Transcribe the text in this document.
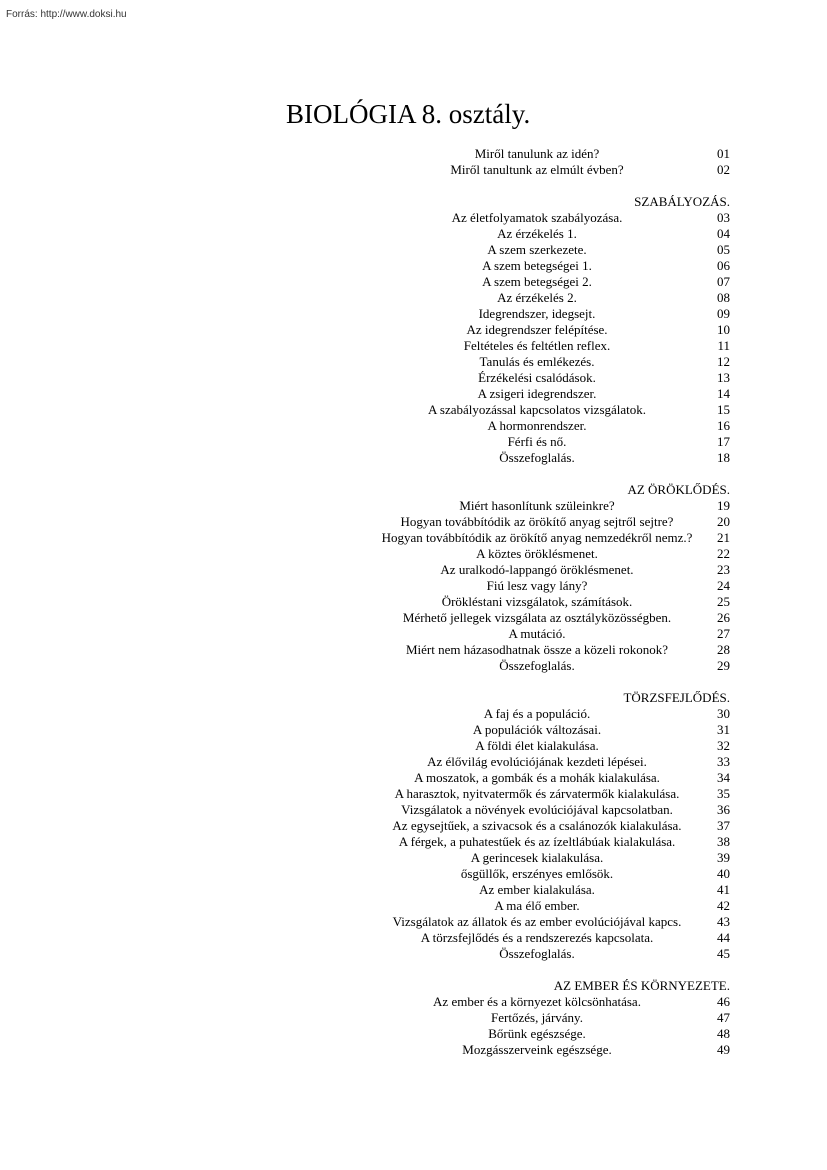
Forrás: http://www.doksi.hu
BIOLÓGIA 8. osztály.
Miről tanulunk az idén?	01
Miről tanultunk az elmúlt évben?	02
SZABÁLYOZÁS.
Az életfolyamatok szabályozása.	03
Az érzékelés 1.	04
A szem szerkezete.	05
A szem betegségei 1.	06
A szem betegségei 2.	07
Az érzékelés 2.	08
Idegrendszer, idegsejt.	09
Az idegrendszer felépítése.	10
Feltételes és feltétlen reflex.	11
Tanulás és emlékezés.	12
Érzékelési csalódások.	13
A zsigeri idegrendszer.	14
A szabályozással kapcsolatos vizsgálatok.	15
A hormonrendszer.	16
Férfi és nő.	17
Összefoglalás.	18
AZ ÖRÖKLŐDÉS.
Miért hasonlítunk szüleinkre?	19
Hogyan továbbítódik az örökítő anyag sejtről sejtre?	20
Hogyan továbbítódik az örökítő anyag nemzedékről nemz.?	21
A köztes öröklésmenet.	22
Az uralkodó-lappangó öröklésmenet.	23
Fiú lesz vagy lány?	24
Örökléstani vizsgálatok, számítások.	25
Mérhető jellegek vizsgálata az osztályközösségben.	26
A mutáció.	27
Miért nem házasodhatnak össze a közeli rokonok?	28
Összefoglalás.	29
TÖRZSFEJLŐDÉS.
A faj és a populáció.	30
A populációk változásai.	31
A földi élet kialakulása.	32
Az élővilág evolúciójának kezdeti lépései.	33
A moszatok, a gombák és a mohák kialakulása.	34
A harasztok, nyitvatermők és zárvatermők kialakulása.	35
Vizsgálatok a növények evolúciójával kapcsolatban.	36
Az egysejtűek, a szivacsok és a csalánozók kialakulása.	37
A férgek, a puhatestűek és az ízeltlábúak kialakulása.	38
A gerincesek kialakulása.	39
ősgüllők, erszényes emlősök.	40
Az ember kialakulása.	41
A ma élő ember.	42
Vizsgálatok az állatok és az ember evolúciójával kapcs.	43
A törzsfejlődés és a rendszerezés kapcsolata.	44
Összefoglalás.	45
AZ EMBER ÉS KÖRNYEZETE.
Az ember és a környezet kölcsönhatása.	46
Fertőzés, járvány.	47
Bőrünk egészsége.	48
Mozgásszerveink egészsége.	49
